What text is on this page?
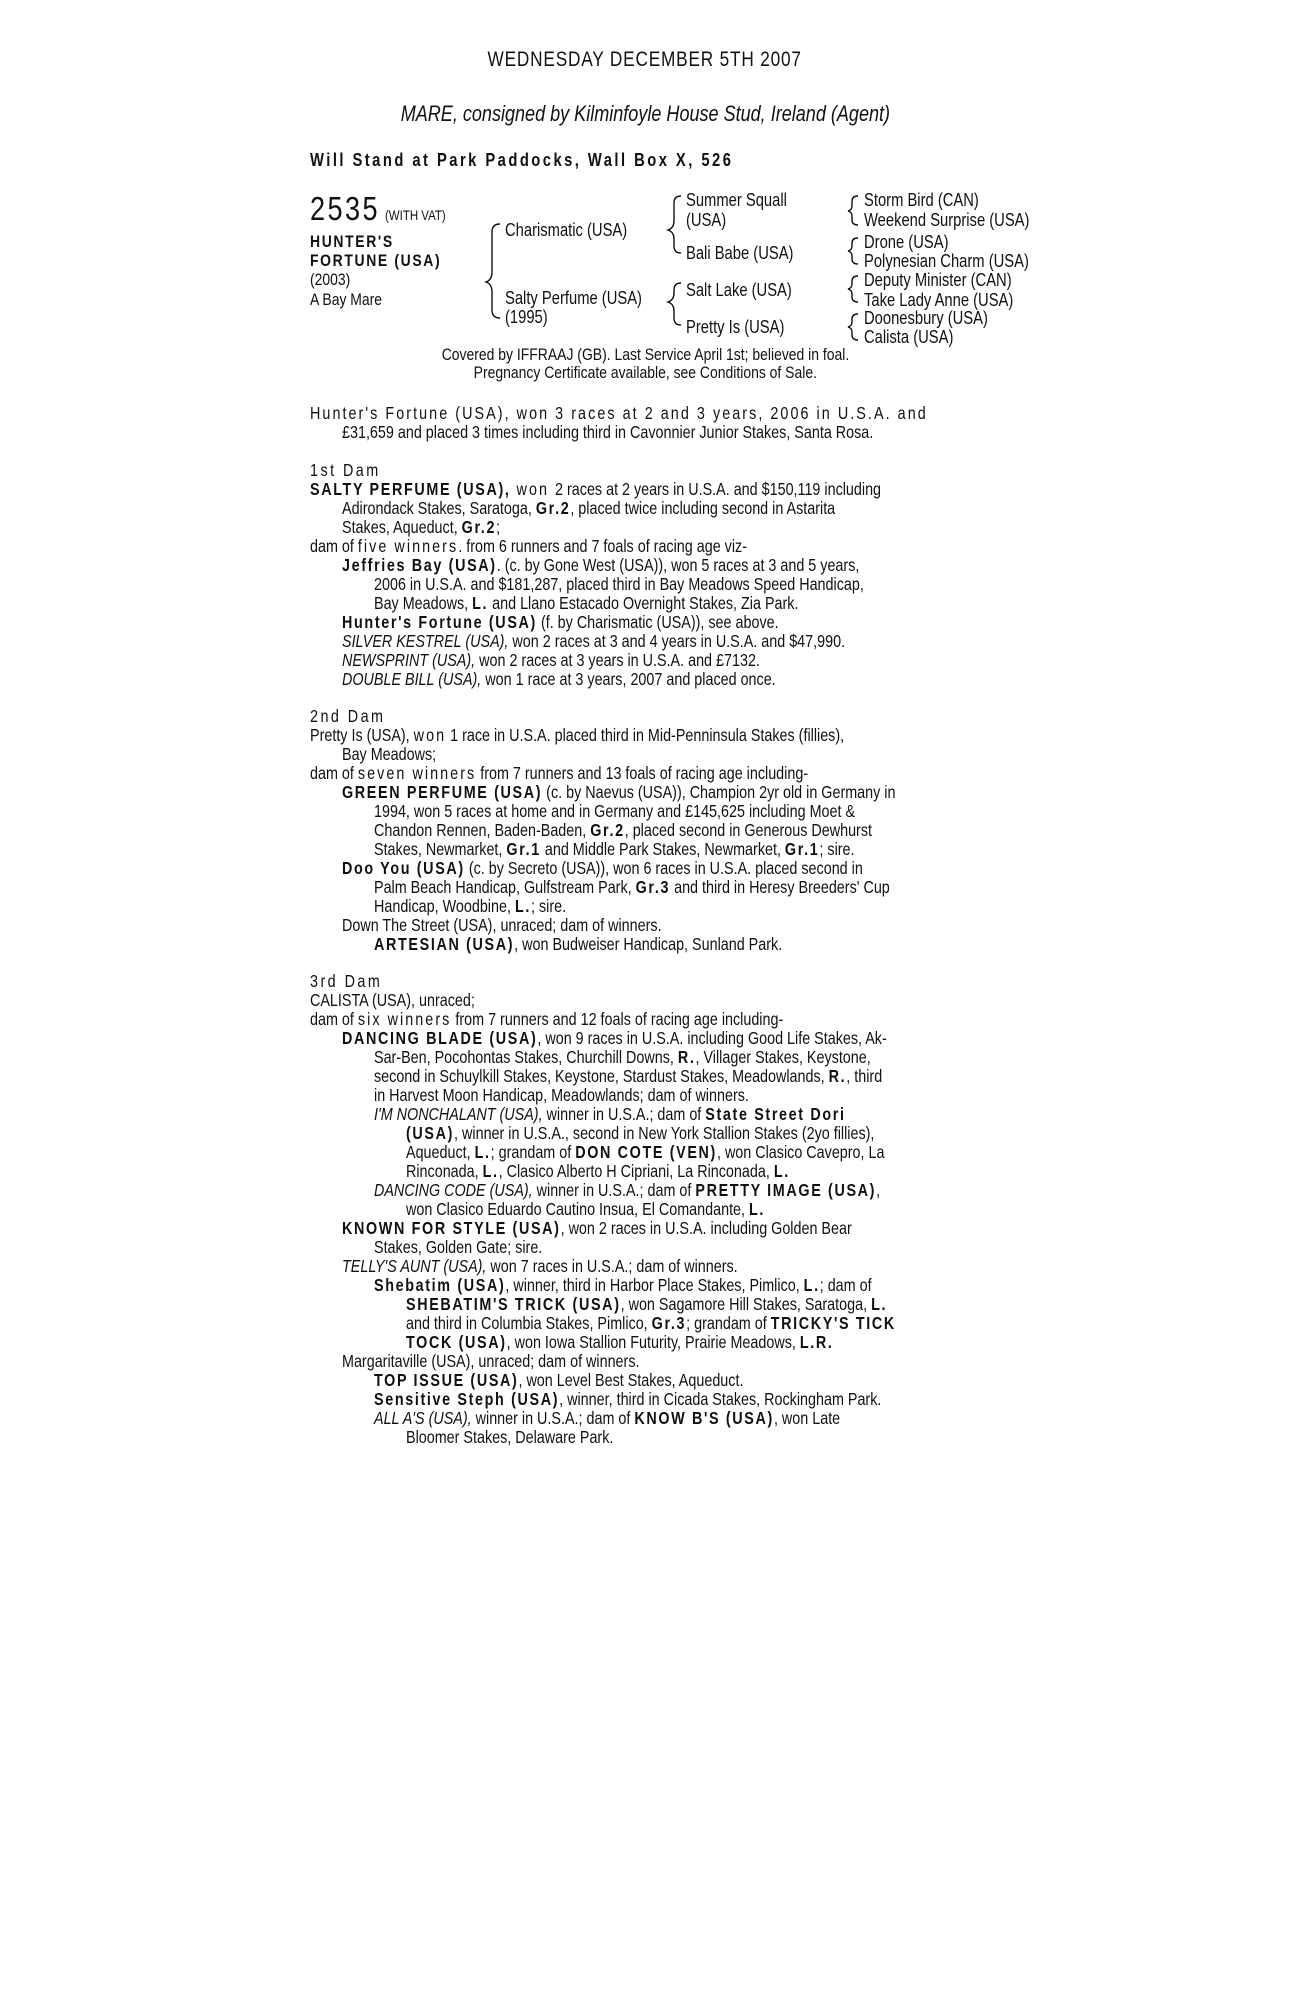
WEDNESDAY DECEMBER 5TH 2007
MARE, consigned by Kilminfoyle House Stud, Ireland (Agent)
Will Stand at Park Paddocks, Wall Box X, 526
2535 (WITH VAT)
HUNTER'S
FORTUNE (USA)
(2003)
A Bay Mare
Charismatic (USA)
Salty Perfume (USA)
(1995)
Summer Squall
(USA)
Bali Babe (USA)
Salt Lake (USA)
Pretty Is (USA)
Storm Bird (CAN)
Weekend Surprise (USA)
Drone (USA)
Polynesian Charm (USA)
Deputy Minister (CAN)
Take Lady Anne (USA)
Doonesbury (USA)
Calista (USA)
Covered by IFFRAAJ (GB). Last Service April 1st; believed in foal.
Pregnancy Certificate available, see Conditions of Sale.
Hunter's Fortune (USA), won 3 races at 2 and 3 years, 2006 in U.S.A. and
£31,659 and placed 3 times including third in Cavonnier Junior Stakes, Santa Rosa.
1st Dam
SALTY PERFUME (USA), won 2 races at 2 years in U.S.A. and $150,119 including
Adirondack Stakes, Saratoga, Gr.2, placed twice including second in Astarita
Stakes, Aqueduct, Gr.2;
dam of five winners. from 6 runners and 7 foals of racing age viz-
Jeffries Bay (USA). (c. by Gone West (USA)), won 5 races at 3 and 5 years,
2006 in U.S.A. and $181,287, placed third in Bay Meadows Speed Handicap,
Bay Meadows, L. and Llano Estacado Overnight Stakes, Zia Park.
Hunter's Fortune (USA) (f. by Charismatic (USA)), see above.
SILVER KESTREL (USA), won 2 races at 3 and 4 years in U.S.A. and $47,990.
NEWSPRINT (USA), won 2 races at 3 years in U.S.A. and £7132.
DOUBLE BILL (USA), won 1 race at 3 years, 2007 and placed once.
2nd Dam
Pretty Is (USA), won 1 race in U.S.A. placed third in Mid-Penninsula Stakes (fillies),
Bay Meadows;
dam of seven winners from 7 runners and 13 foals of racing age including-
GREEN PERFUME (USA) (c. by Naevus (USA)), Champion 2yr old in Germany in
1994, won 5 races at home and in Germany and £145,625 including Moet &
Chandon Rennen, Baden-Baden, Gr.2, placed second in Generous Dewhurst
Stakes, Newmarket, Gr.1 and Middle Park Stakes, Newmarket, Gr.1; sire.
Doo You (USA) (c. by Secreto (USA)), won 6 races in U.S.A. placed second in
Palm Beach Handicap, Gulfstream Park, Gr.3 and third in Heresy Breeders' Cup
Handicap, Woodbine, L.; sire.
Down The Street (USA), unraced; dam of winners.
ARTESIAN (USA), won Budweiser Handicap, Sunland Park.
3rd Dam
CALISTA (USA), unraced;
dam of six winners from 7 runners and 12 foals of racing age including-
DANCING BLADE (USA), won 9 races in U.S.A. including Good Life Stakes, Ak-
Sar-Ben, Pocohontas Stakes, Churchill Downs, R., Villager Stakes, Keystone,
second in Schuylkill Stakes, Keystone, Stardust Stakes, Meadowlands, R., third
in Harvest Moon Handicap, Meadowlands; dam of winners.
I'M NONCHALANT (USA), winner in U.S.A.; dam of State Street Dori
(USA), winner in U.S.A., second in New York Stallion Stakes (2yo fillies),
Aqueduct, L.; grandam of DON COTE (VEN), won Clasico Cavepro, La
Rinconada, L., Clasico Alberto H Cipriani, La Rinconada, L.
DANCING CODE (USA), winner in U.S.A.; dam of PRETTY IMAGE (USA),
won Clasico Eduardo Cautino Insua, El Comandante, L.
KNOWN FOR STYLE (USA), won 2 races in U.S.A. including Golden Bear
Stakes, Golden Gate; sire.
TELLY'S AUNT (USA), won 7 races in U.S.A.; dam of winners.
Shebatim (USA), winner, third in Harbor Place Stakes, Pimlico, L.; dam of
SHEBATIM'S TRICK (USA), won Sagamore Hill Stakes, Saratoga, L.
and third in Columbia Stakes, Pimlico, Gr.3; grandam of TRICKY'S TICK
TOCK (USA), won Iowa Stallion Futurity, Prairie Meadows, L.R.
Margaritaville (USA), unraced; dam of winners.
TOP ISSUE (USA), won Level Best Stakes, Aqueduct.
Sensitive Steph (USA), winner, third in Cicada Stakes, Rockingham Park.
ALL A'S (USA), winner in U.S.A.; dam of KNOW B'S (USA), won Late
Bloomer Stakes, Delaware Park.
